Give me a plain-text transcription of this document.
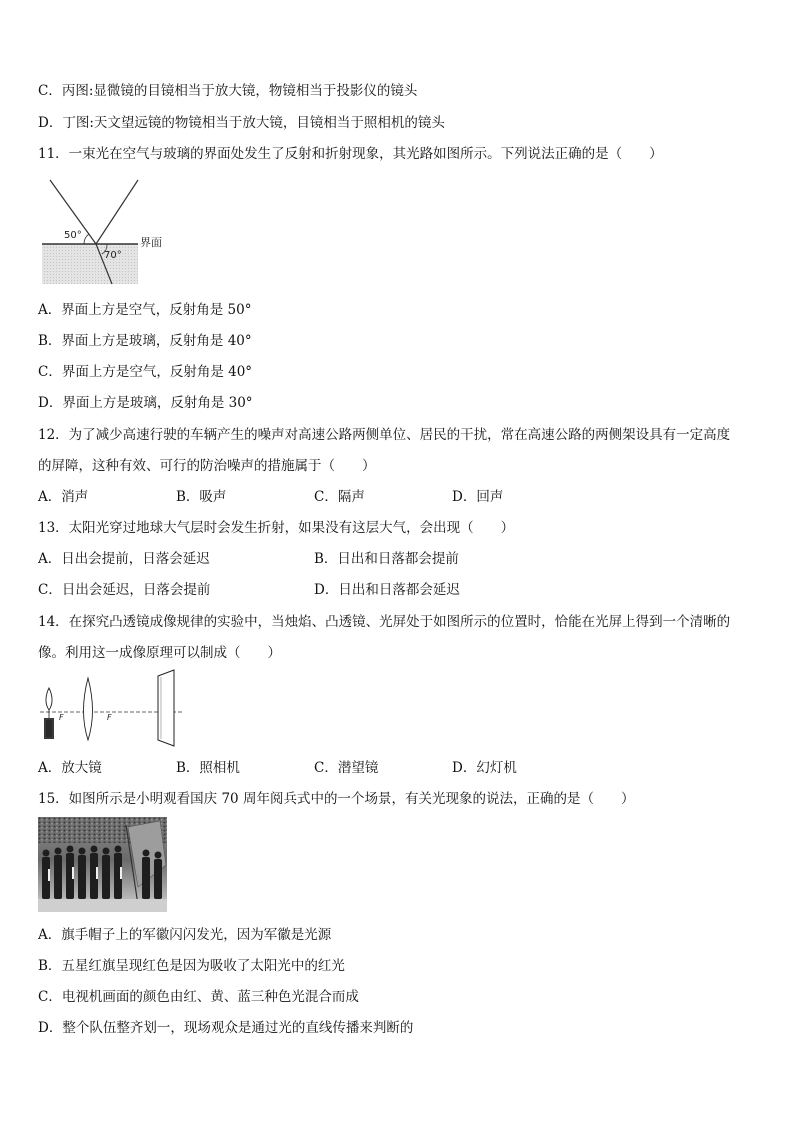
C．丙图:显微镜的目镜相当于放大镜，物镜相当于投影仪的镜头
D．丁图:天文望远镜的物镜相当于放大镜，目镜相当于照相机的镜头
11．一束光在空气与玻璃的界面处发生了反射和折射现象，其光路如图所示。下列说法正确的是（　　）
50°
70°
界面
A．界面上方是空气，反射角是 50°
B．界面上方是玻璃，反射角是 40°
C．界面上方是空气，反射角是 40°
D．界面上方是玻璃，反射角是 30°
12．为了减少高速行驶的车辆产生的噪声对高速公路两侧单位、居民的干扰，常在高速公路的两侧架设具有一定高度
的屏障，这种有效、可行的防治噪声的措施属于（　　）
A．消声	B．吸声	C．隔声	D．回声
13．太阳光穿过地球大气层时会发生折射，如果没有这层大气，会出现（　　）
A．日出会提前，日落会延迟	B．日出和日落都会提前
C．日出会延迟，日落会提前	D．日出和日落都会延迟
14．在探究凸透镜成像规律的实验中，当烛焰、凸透镜、光屏处于如图所示的位置时，恰能在光屏上得到一个清晰的
像。利用这一成像原理可以制成（　　）
F	F
A．放大镜	B．照相机	C．潜望镜	D．幻灯机
15．如图所示是小明观看国庆 70 周年阅兵式中的一个场景，有关光现象的说法，正确的是（　　）
A．旗手帽子上的军徽闪闪发光，因为军徽是光源
B．五星红旗呈现红色是因为吸收了太阳光中的红光
C．电视机画面的颜色由红、黄、蓝三种色光混合而成
D．整个队伍整齐划一，现场观众是通过光的直线传播来判断的
